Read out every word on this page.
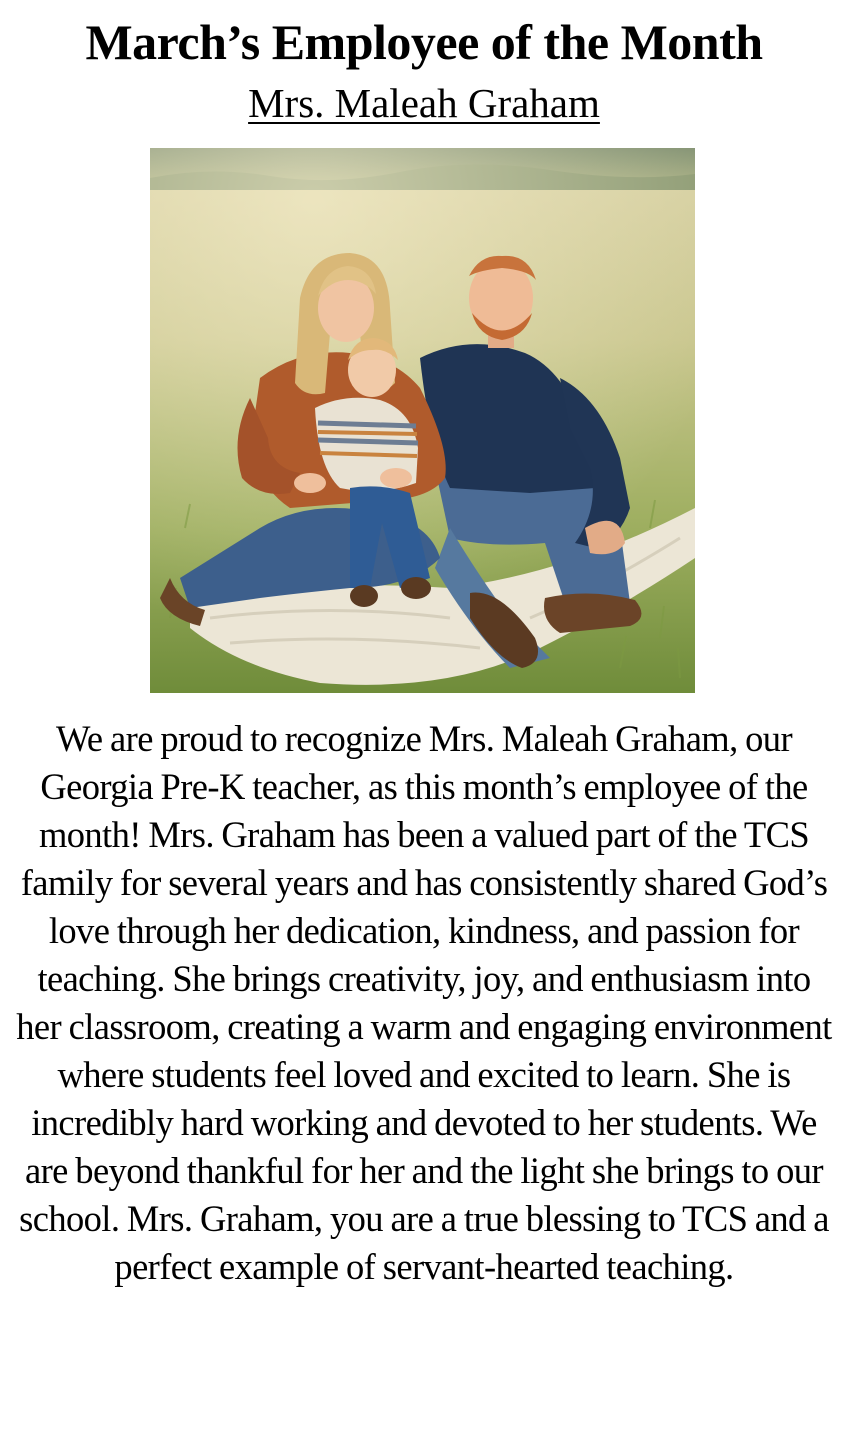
March’s Employee of the Month
Mrs. Maleah Graham
We are proud to recognize Mrs. Maleah Graham, our Georgia Pre-K teacher, as this month’s employee of the month! Mrs. Graham has been a valued part of the TCS family for several years and has consistently shared God’s love through her dedication, kindness, and passion for teaching. She brings creativity, joy, and enthusiasm into her classroom, creating a warm and engaging environment where students feel loved and excited to learn. She is incredibly hard working and devoted to her students. We are beyond thankful for her and the light she brings to our school. Mrs. Graham, you are a true blessing to TCS and a perfect example of servant-hearted teaching.
